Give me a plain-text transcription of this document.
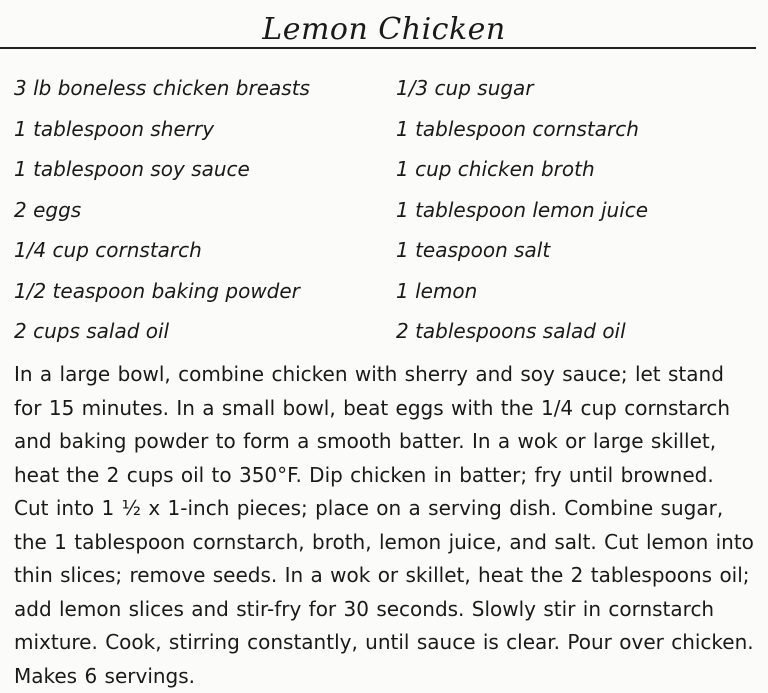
Lemon Chicken
3 lb boneless chicken breasts
1 tablespoon sherry
1 tablespoon soy sauce
2 eggs
1/4 cup cornstarch
1/2 teaspoon baking powder
2 cups salad oil
1/3 cup sugar
1 tablespoon cornstarch
1 cup chicken broth
1 tablespoon lemon juice
1 teaspoon salt
1 lemon
2 tablespoons salad oil
In a large bowl, combine chicken with sherry and soy sauce; let stand for 15 minutes. In a small bowl, beat eggs with the 1/4 cup cornstarch and baking powder to form a smooth batter. In a wok or large skillet, heat the 2 cups oil to 350°F. Dip chicken in batter; fry until browned. Cut into 1 ½ x 1-inch pieces; place on a serving dish. Combine sugar, the 1 tablespoon cornstarch, broth, lemon juice, and salt. Cut lemon into thin slices; remove seeds. In a wok or skillet, heat the 2 tablespoons oil; add lemon slices and stir-fry for 30 seconds. Slowly stir in cornstarch mixture. Cook, stirring constantly, until sauce is clear. Pour over chicken. Makes 6 servings.
